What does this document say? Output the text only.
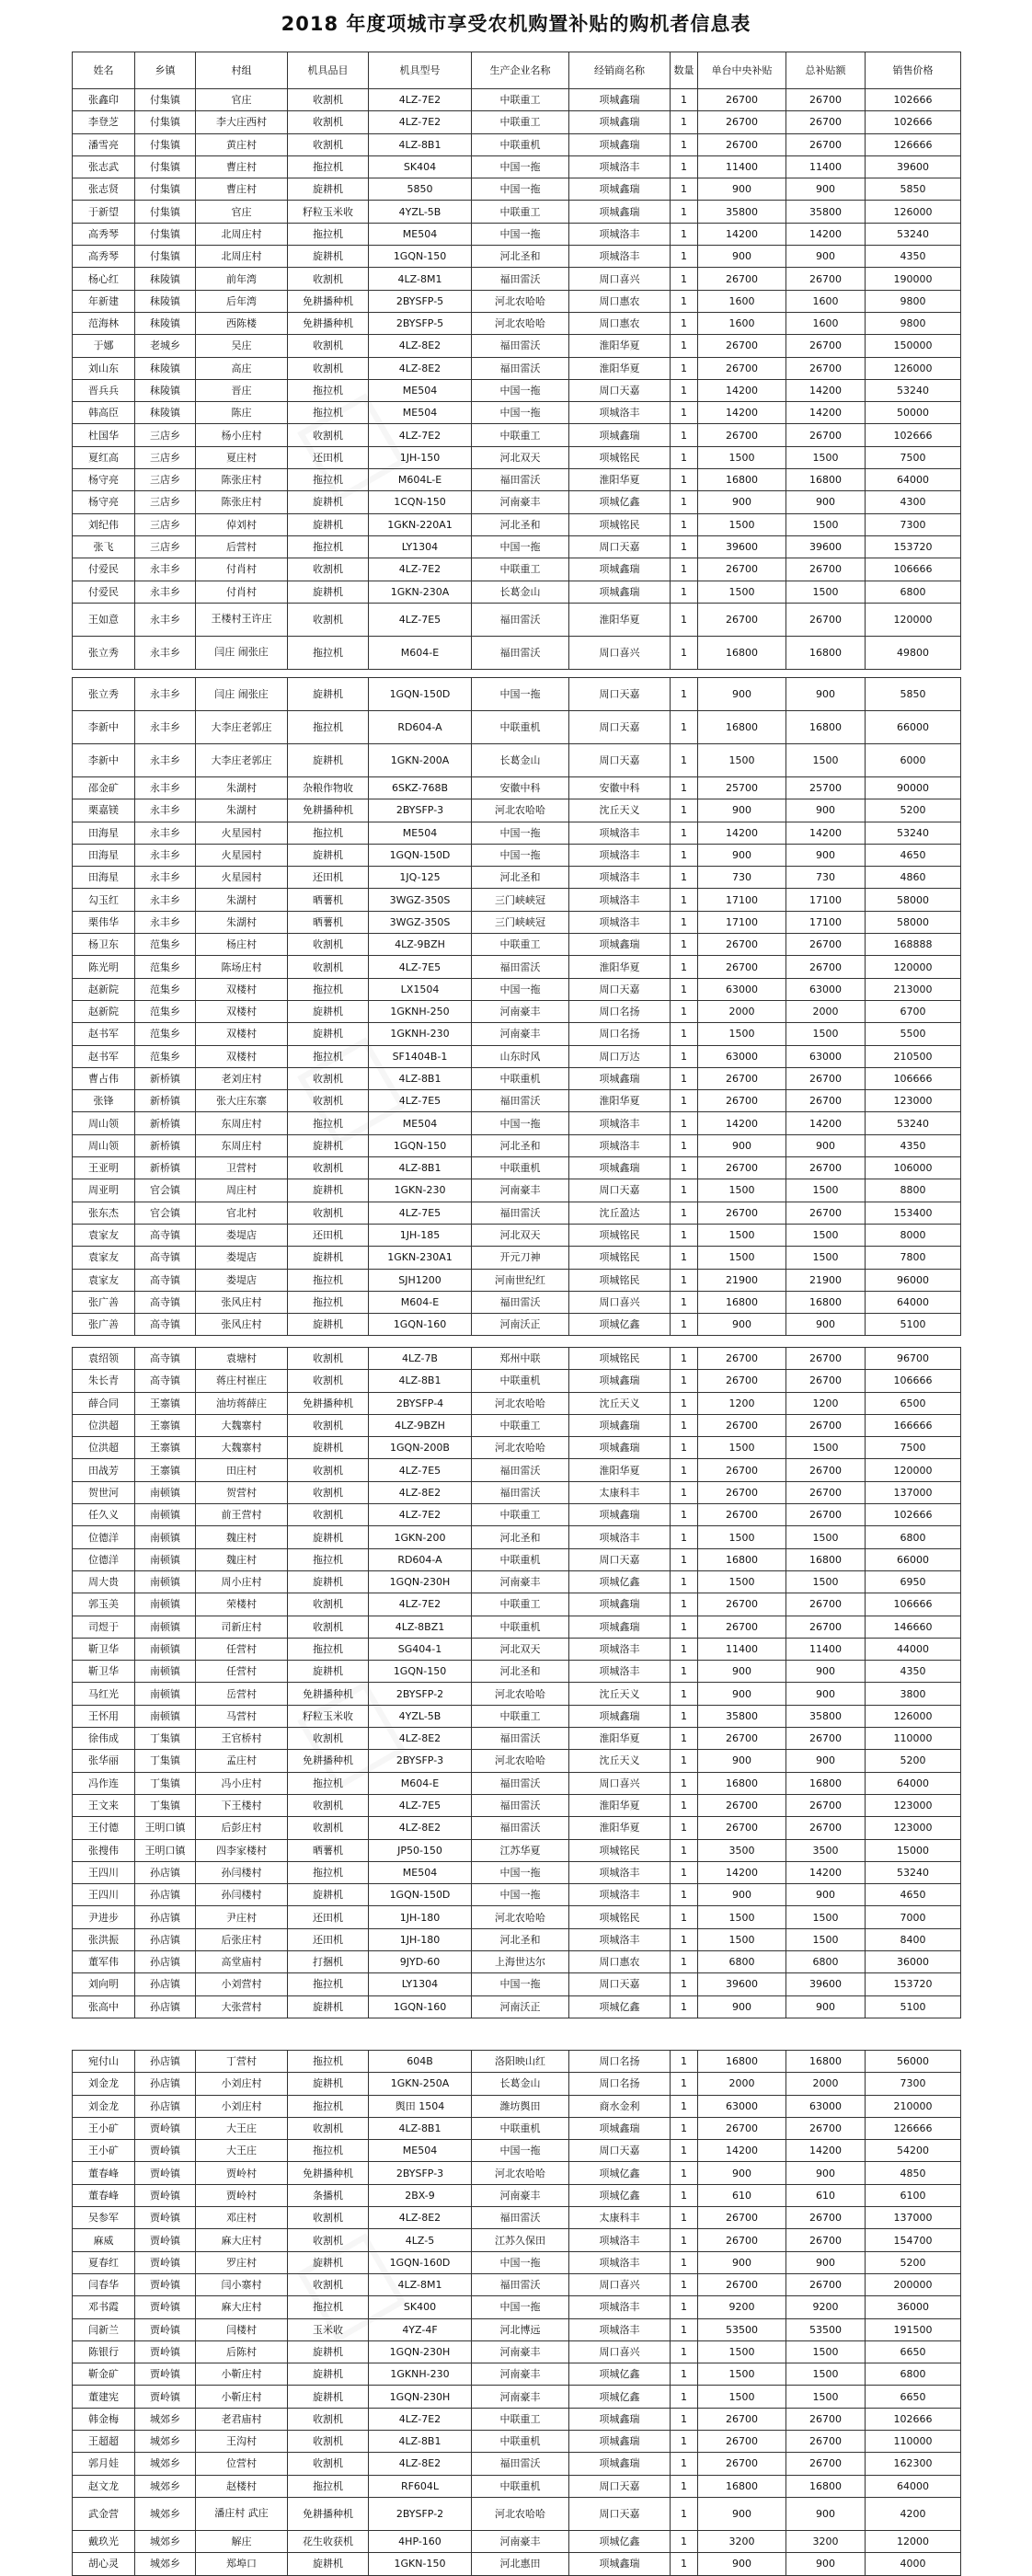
2018 年度项城市享受农机购置补贴的购机者信息表
姓名	乡镇	村组	机具品目	机具型号	生产企业名称	经销商名称	数量	单台中央补贴	总补贴额	销售价格
张鑫印	付集镇	官庄	收割机	4LZ-7E2	中联重工	项城鑫瑞	1	26700	26700	102666
李登芝	付集镇	李大庄西村	收割机	4LZ-7E2	中联重工	项城鑫瑞	1	26700	26700	102666
潘雪亮	付集镇	黄庄村	收割机	4LZ-8B1	中联重机	项城鑫瑞	1	26700	26700	126666
张志武	付集镇	曹庄村	拖拉机	SK404	中国一拖	项城洛丰	1	11400	11400	39600
张志贤	付集镇	曹庄村	旋耕机	5850	中国一拖	项城鑫瑞	1	900	900	5850
于新望	付集镇	官庄	籽粒玉米收	4YZL-5B	中联重工	项城鑫瑞	1	35800	35800	126000
高秀琴	付集镇	北周庄村	拖拉机	ME504	中国一拖	项城洛丰	1	14200	14200	53240
高秀琴	付集镇	北周庄村	旋耕机	1GQN-150	河北圣和	项城洛丰	1	900	900	4350
杨心红	秣陵镇	前年湾	收割机	4LZ-8M1	福田雷沃	周口喜兴	1	26700	26700	190000
年新建	秣陵镇	后年湾	免耕播种机	2BYSFP-5	河北农哈哈	周口惠农	1	1600	1600	9800
范海林	秣陵镇	西陈楼	免耕播种机	2BYSFP-5	河北农哈哈	周口惠农	1	1600	1600	9800
于娜	老城乡	吴庄	收割机	4LZ-8E2	福田雷沃	淮阳华夏	1	26700	26700	150000
刘山东	秣陵镇	高庄	收割机	4LZ-8E2	福田雷沃	淮阳华夏	1	26700	26700	126000
晋兵兵	秣陵镇	晋庄	拖拉机	ME504	中国一拖	周口天嘉	1	14200	14200	53240
韩高臣	秣陵镇	陈庄	拖拉机	ME504	中国一拖	项城洛丰	1	14200	14200	50000
杜国华	三店乡	杨小庄村	收割机	4LZ-7E2	中联重工	项城鑫瑞	1	26700	26700	102666
夏红高	三店乡	夏庄村	还田机	1JH-150	河北双天	项城铭民	1	1500	1500	7500
杨守亮	三店乡	陈张庄村	拖拉机	M604L-E	福田雷沃	淮阳华夏	1	16800	16800	64000
杨守亮	三店乡	陈张庄村	旋耕机	1CQN-150	河南豪丰	项城亿鑫	1	900	900	4300
刘纪伟	三店乡	倬刘村	旋耕机	1GKN-220A1	河北圣和	项城铭民	1	1500	1500	7300
张飞	三店乡	后营村	拖拉机	LY1304	中国一拖	周口天嘉	1	39600	39600	153720
付爱民	永丰乡	付肖村	收割机	4LZ-7E2	中联重工	项城鑫瑞	1	26700	26700	106666
付爱民	永丰乡	付肖村	旋耕机	1GKN-230A	长葛金山	项城鑫瑞	1	1500	1500	6800
王如意	永丰乡	王楼村王许庄	收割机	4LZ-7E5	福田雷沃	淮阳华夏	1	26700	26700	120000
张立秀	永丰乡	闫庄 闹张庄	拖拉机	M604-E	福田雷沃	周口喜兴	1	16800	16800	49800
张立秀	永丰乡	闫庄 闹张庄	旋耕机	1GQN-150D	中国一拖	周口天嘉	1	900	900	5850
李新中	永丰乡	大李庄老郭庄	拖拉机	RD604-A	中联重机	周口天嘉	1	16800	16800	66000
李新中	永丰乡	大李庄老郭庄	旋耕机	1GKN-200A	长葛金山	周口天嘉	1	1500	1500	6000
邵金矿	永丰乡	朱湖村	杂粮作物收	6SKZ-768B	安徽中科	安徽中科	1	25700	25700	90000
栗嘉镁	永丰乡	朱湖村	免耕播种机	2BYSFP-3	河北农哈哈	沈丘天义	1	900	900	5200
田海星	永丰乡	火星园村	拖拉机	ME504	中国一拖	项城洛丰	1	14200	14200	53240
田海星	永丰乡	火星园村	旋耕机	1GQN-150D	中国一拖	项城洛丰	1	900	900	4650
田海星	永丰乡	火星园村	还田机	1JQ-125	河北圣和	项城洛丰	1	730	730	4860
勾玉红	永丰乡	朱湖村	晒薯机	3WGZ-350S	三门峡峡冠	项城洛丰	1	17100	17100	58000
栗伟华	永丰乡	朱湖村	晒薯机	3WGZ-350S	三门峡峡冠	项城洛丰	1	17100	17100	58000
杨卫东	范集乡	杨庄村	收割机	4LZ-9BZH	中联重工	项城鑫瑞	1	26700	26700	168888
陈光明	范集乡	陈场庄村	收割机	4LZ-7E5	福田雷沃	淮阳华夏	1	26700	26700	120000
赵新院	范集乡	双楼村	拖拉机	LX1504	中国一拖	周口天嘉	1	63000	63000	213000
赵新院	范集乡	双楼村	旋耕机	1GKNH-250	河南豪丰	周口名扬	1	2000	2000	6700
赵书军	范集乡	双楼村	旋耕机	1GKNH-230	河南豪丰	周口名扬	1	1500	1500	5500
赵书军	范集乡	双楼村	拖拉机	SF1404B-1	山东时风	周口万达	1	63000	63000	210500
曹占伟	新桥镇	老刘庄村	收割机	4LZ-8B1	中联重机	项城鑫瑞	1	26700	26700	106666
张锋	新桥镇	张大庄东寨	收割机	4LZ-7E5	福田雷沃	淮阳华夏	1	26700	26700	123000
周山领	新桥镇	东周庄村	拖拉机	ME504	中国一拖	项城洛丰	1	14200	14200	53240
周山领	新桥镇	东周庄村	旋耕机	1GQN-150	河北圣和	项城洛丰	1	900	900	4350
王亚明	新桥镇	卫营村	收割机	4LZ-8B1	中联重机	项城鑫瑞	1	26700	26700	106000
周亚明	官会镇	周庄村	旋耕机	1GKN-230	河南豪丰	周口天嘉	1	1500	1500	8800
张东杰	官会镇	官北村	收割机	4LZ-7E5	福田雷沃	沈丘盈达	1	26700	26700	153400
袁家友	高寺镇	娄堤店	还田机	1JH-185	河北双天	项城铭民	1	1500	1500	8000
袁家友	高寺镇	娄堤店	旋耕机	1GKN-230A1	开元刀神	项城铭民	1	1500	1500	7800
袁家友	高寺镇	娄堤店	拖拉机	SJH1200	河南世纪红	项城铭民	1	21900	21900	96000
张广善	高寺镇	张风庄村	拖拉机	M604-E	福田雷沃	周口喜兴	1	16800	16800	64000
张广善	高寺镇	张风庄村	旋耕机	1GQN-160	河南沃正	项城亿鑫	1	900	900	5100
袁绍领	高寺镇	袁塘村	收割机	4LZ-7B	郑州中联	项城铭民	1	26700	26700	96700
朱长青	高寺镇	蒋庄村崔庄	收割机	4LZ-8B1	中联重机	项城鑫瑞	1	26700	26700	106666
薛合同	王寨镇	油坊蒋薛庄	免耕播种机	2BYSFP-4	河北农哈哈	沈丘天义	1	1200	1200	6500
位洪超	王寨镇	大魏寨村	收割机	4LZ-9BZH	中联重工	项城鑫瑞	1	26700	26700	166666
位洪超	王寨镇	大魏寨村	旋耕机	1GQN-200B	河北农哈哈	项城鑫瑞	1	1500	1500	7500
田战芳	王寨镇	田庄村	收割机	4LZ-7E5	福田雷沃	淮阳华夏	1	26700	26700	120000
贺世河	南顿镇	贺营村	收割机	4LZ-8E2	福田雷沃	太康科丰	1	26700	26700	137000
任久义	南顿镇	前王营村	收割机	4LZ-7E2	中联重工	项城鑫瑞	1	26700	26700	102666
位德洋	南顿镇	魏庄村	旋耕机	1GKN-200	河北圣和	项城洛丰	1	1500	1500	6800
位德洋	南顿镇	魏庄村	拖拉机	RD604-A	中联重机	周口天嘉	1	16800	16800	66000
周大贵	南顿镇	周小庄村	旋耕机	1GQN-230H	河南豪丰	项城亿鑫	1	1500	1500	6950
郭玉美	南顿镇	荣楼村	收割机	4LZ-7E2	中联重工	项城鑫瑞	1	26700	26700	106666
司煜于	南顿镇	司新庄村	收割机	4LZ-8BZ1	中联重机	项城鑫瑞	1	26700	26700	146660
靳卫华	南顿镇	任营村	拖拉机	SG404-1	河北双天	项城洛丰	1	11400	11400	44000
靳卫华	南顿镇	任营村	旋耕机	1GQN-150	河北圣和	项城洛丰	1	900	900	4350
马红光	南顿镇	岳营村	免耕播种机	2BYSFP-2	河北农哈哈	沈丘天义	1	900	900	3800
王怀用	南顿镇	马营村	籽粒玉米收	4YZL-5B	中联重工	项城鑫瑞	1	35800	35800	126000
徐伟成	丁集镇	王官桥村	收割机	4LZ-8E2	福田雷沃	淮阳华夏	1	26700	26700	110000
张华丽	丁集镇	孟庄村	免耕播种机	2BYSFP-3	河北农哈哈	沈丘天义	1	900	900	5200
冯作连	丁集镇	冯小庄村	拖拉机	M604-E	福田雷沃	周口喜兴	1	16800	16800	64000
王文来	丁集镇	下王楼村	收割机	4LZ-7E5	福田雷沃	淮阳华夏	1	26700	26700	123000
王付德	王明口镇	后彭庄村	收割机	4LZ-8E2	福田雷沃	淮阳华夏	1	26700	26700	123000
张搜伟	王明口镇	四李家楼村	晒薯机	JP50-150	江苏华夏	项城铭民	1	3500	3500	15000
王四川	孙店镇	孙闫楼村	拖拉机	ME504	中国一拖	项城洛丰	1	14200	14200	53240
王四川	孙店镇	孙闫楼村	旋耕机	1GQN-150D	中国一拖	项城洛丰	1	900	900	4650
尹进步	孙店镇	尹庄村	还田机	1JH-180	河北农哈哈	项城铭民	1	1500	1500	7000
张洪振	孙店镇	后张庄村	还田机	1JH-180	河北圣和	项城洛丰	1	1500	1500	8400
董军伟	孙店镇	高堂庙村	打捆机	9JYD-60	上海世达尔	周口惠农	1	6800	6800	36000
刘向明	孙店镇	小刘营村	拖拉机	LY1304	中国一拖	周口天嘉	1	39600	39600	153720
张高中	孙店镇	大张营村	旋耕机	1GQN-160	河南沃正	项城亿鑫	1	900	900	5100
宛付山	孙店镇	丁营村	拖拉机	604B	洛阳映山红	周口名扬	1	16800	16800	56000
刘金龙	孙店镇	小刘庄村	旋耕机	1GKN-250A	长葛金山	周口名扬	1	2000	2000	7300
刘金龙	孙店镇	小刘庄村	拖拉机	舆田 1504	潍坊舆田	商水金利	1	63000	63000	210000
王小矿	贾岭镇	大王庄	收割机	4LZ-8B1	中联重机	项城鑫瑞	1	26700	26700	126666
王小矿	贾岭镇	大王庄	拖拉机	ME504	中国一拖	周口天嘉	1	14200	14200	54200
董春峰	贾岭镇	贾岭村	免耕播种机	2BYSFP-3	河北农哈哈	项城亿鑫	1	900	900	4850
董春峰	贾岭镇	贾岭村	条播机	2BX-9	河南豪丰	项城亿鑫	1	610	610	6100
吴参军	贾岭镇	邓庄村	收割机	4LZ-8E2	福田雷沃	太康科丰	1	26700	26700	137000
麻威	贾岭镇	麻大庄村	收割机	4LZ-5	江苏久保田	项城洛丰	1	26700	26700	154700
夏春红	贾岭镇	罗庄村	旋耕机	1GQN-160D	中国一拖	项城洛丰	1	900	900	5200
闫春华	贾岭镇	闫小寨村	收割机	4LZ-8M1	福田雷沃	周口喜兴	1	26700	26700	200000
邓书霞	贾岭镇	麻大庄村	拖拉机	SK400	中国一拖	项城洛丰	1	9200	9200	36000
闫新兰	贾岭镇	闫楼村	玉米收	4YZ-4F	河北博远	项城洛丰	1	53500	53500	191500
陈银行	贾岭镇	后陈村	旋耕机	1GQN-230H	河南豪丰	周口喜兴	1	1500	1500	6650
靳金矿	贾岭镇	小靳庄村	旋耕机	1GKNH-230	河南豪丰	项城亿鑫	1	1500	1500	6800
董建宪	贾岭镇	小靳庄村	旋耕机	1GQN-230H	河南豪丰	项城亿鑫	1	1500	1500	6650
韩金梅	城郊乡	老君庙村	收割机	4LZ-7E2	中联重工	项城鑫瑞	1	26700	26700	102666
王超超	城郊乡	王沟村	收割机	4LZ-8B1	中联重机	项城鑫瑞	1	26700	26700	110000
郭月娃	城郊乡	位营村	收割机	4LZ-8E2	福田雷沃	项城鑫瑞	1	26700	26700	162300
赵文龙	城郊乡	赵楼村	拖拉机	RF604L	中联重机	周口天嘉	1	16800	16800	64000
武金营	城郊乡	潘庄村 武庄	免耕播种机	2BYSFP-2	河北农哈哈	周口天嘉	1	900	900	4200
戴玖光	城郊乡	解庄	花生收获机	4HP-160	河南豪丰	项城亿鑫	1	3200	3200	12000
胡心灵	城郊乡	郑埠口	旋耕机	1GKN-150	河北惠田	项城鑫瑞	1	900	900	4000
